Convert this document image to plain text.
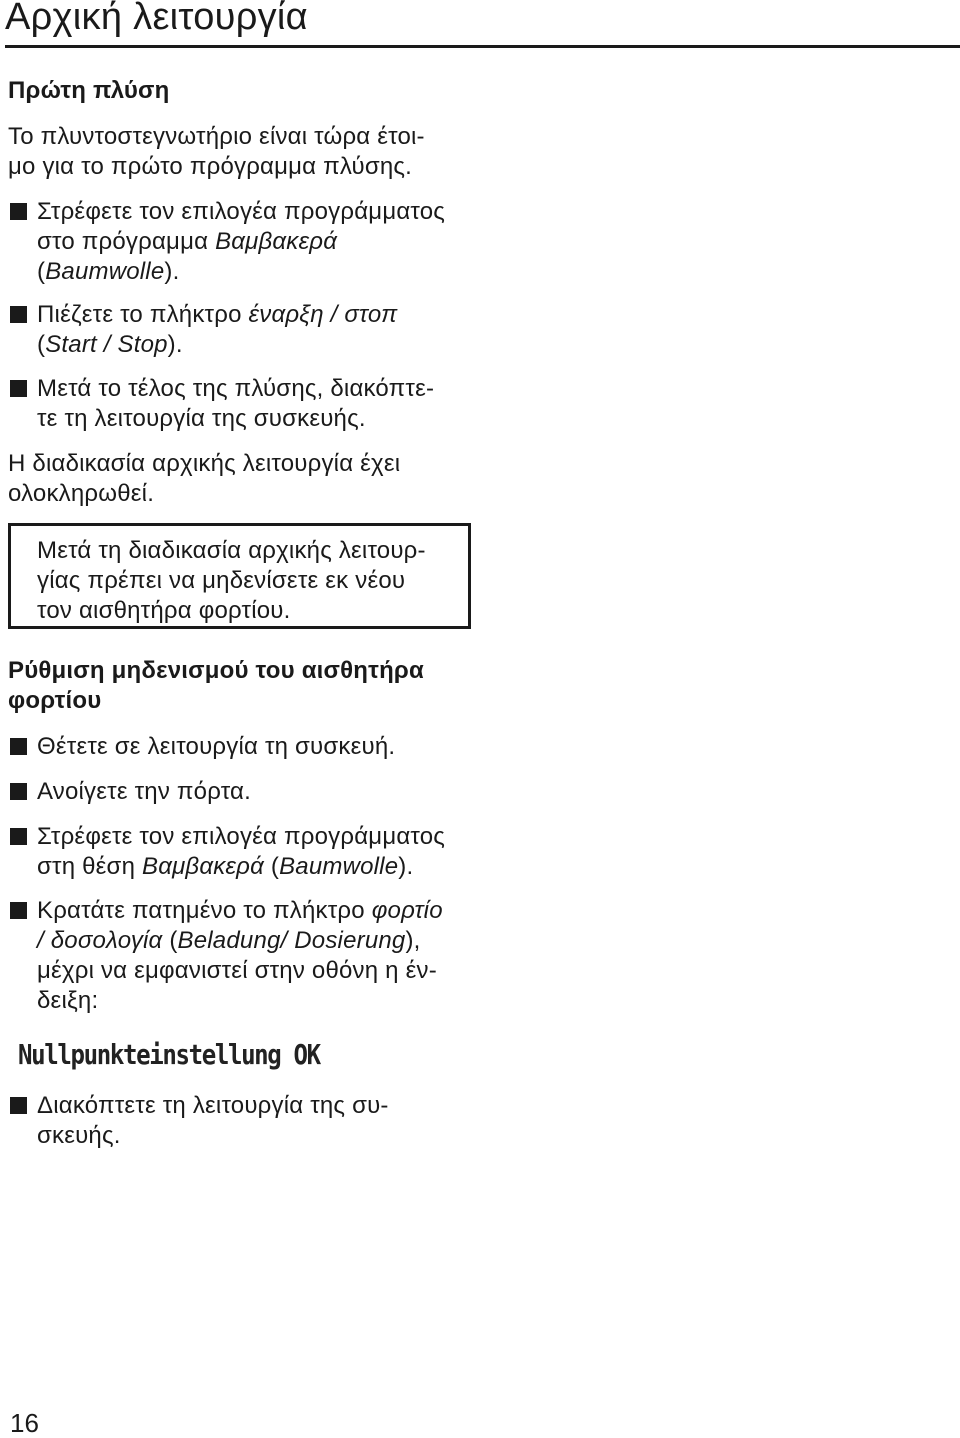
Αρχική λειτουργία
Πρώτη πλύση
Το πλυντοστεγνωτήριο είναι τώρα έτοι-
μο για το πρώτο πρόγραμμα πλύσης.
Στρέφετε τον επιλογέα προγράμματος
στο πρόγραμμα Βαμβακερά
(Baumwolle).
Πιέζετε το πλήκτρο έναρξη / στοπ
(Start / Stop).
Μετά το τέλος της πλύσης, διακόπτε-
τε τη λειτουργία της συσκευής.
Η διαδικασία αρχικής λειτουργία έχει
ολοκληρωθεί.
Μετά τη διαδικασία αρχικής λειτουρ-
γίας πρέπει να μηδενίσετε εκ νέου
τον αισθητήρα φορτίου.
Ρύθμιση μηδενισμού του αισθητήρα
φορτίου
Θέτετε σε λειτουργία τη συσκευή.
Ανοίγετε την πόρτα.
Στρέφετε τον επιλογέα προγράμματος
στη θέση Βαμβακερά (Baumwolle).
Κρατάτε πατημένο το πλήκτρο φορτίο
/ δοσολογία (Beladung/ Dosierung),
μέχρι να εμφανιστεί στην οθόνη η έν-
δειξη:
Nullpunkteinstellung OK
Διακόπτετε τη λειτουργία της συ-
σκευής.
16
